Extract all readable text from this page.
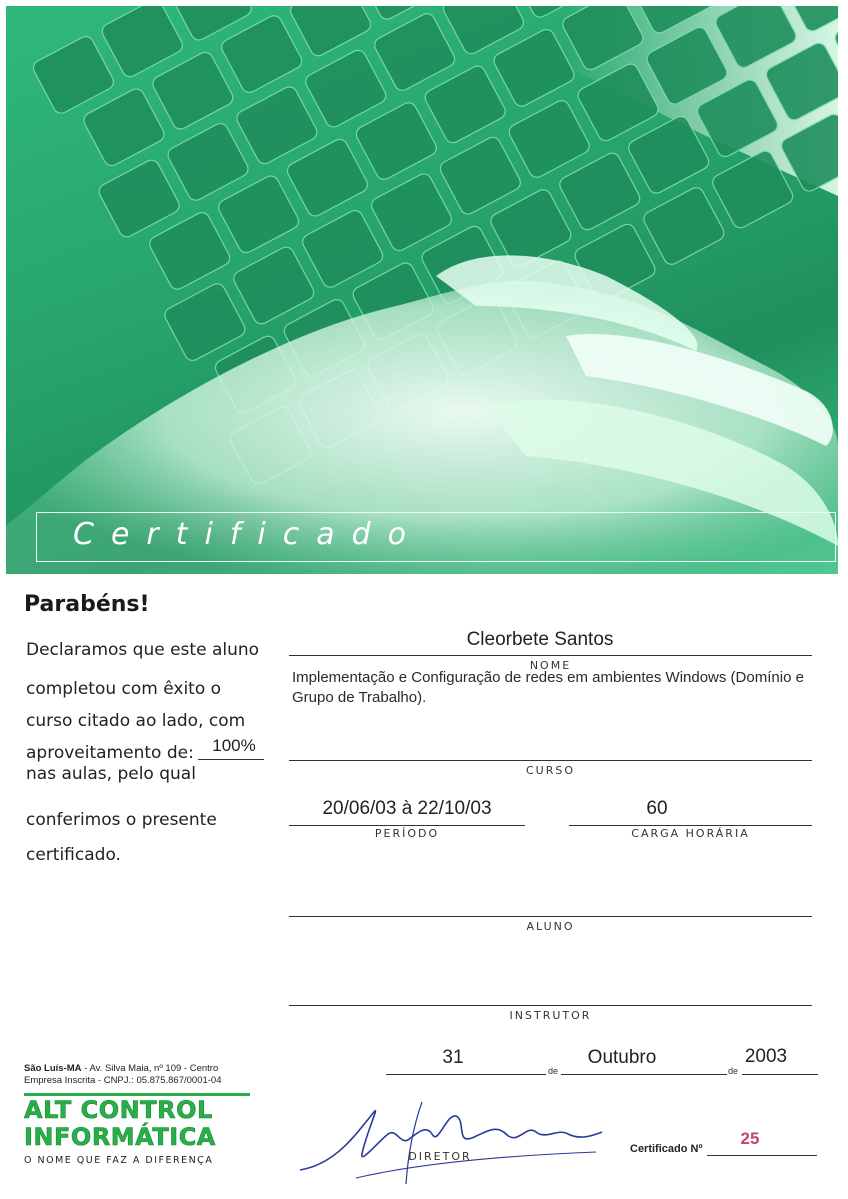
Certificado
Parabéns!
Declaramos que este aluno
completou com êxito o
curso citado ao lado, com
aproveitamento de:	100%
nas aulas, pelo qual
conferimos o presente
certificado.
Cleorbete Santos
NOME
Implementação e Configuração de redes em ambientes Windows (Domínio e Grupo de Trabalho).
CURSO
20/06/03 à 22/10/03
PERÍODO
60
CARGA HORÁRIA
ALUNO
INSTRUTOR
31
de
Outubro
de
2003
DIRETOR
Certificado Nº
25
São Luís-MA - Av. Silva Maia, nº 109 - Centro
Empresa Inscrita - CNPJ.: 05.875.867/0001-04
ALT CONTROL
INFORMÁTICA
O NOME QUE FAZ A DIFERENÇA
